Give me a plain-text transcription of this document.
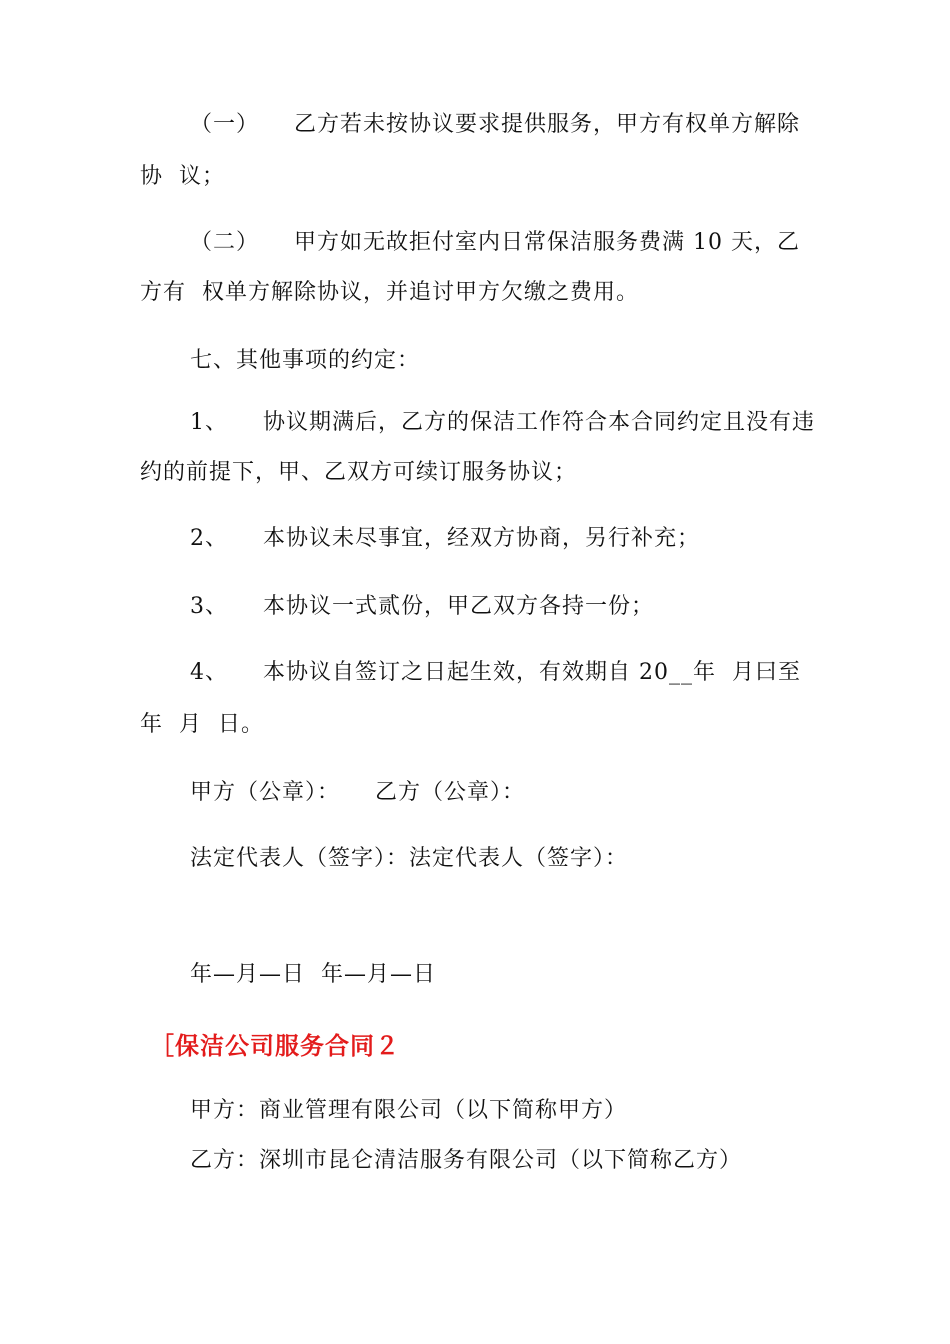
（一）　　乙方若未按协议要求提供服务，甲方有权单方解除
协  议；
（二）　　甲方如无故拒付室内日常保洁服务费满 10 天，乙
方有  权单方解除协议，并追讨甲方欠缴之费用。
七、其他事项的约定：
1、　　协议期满后，乙方的保洁工作符合本合同约定且没有违
约的前提下，甲、乙双方可续订服务协议；
2、　　本协议未尽事宜，经双方协商，另行补充；
3、　　本协议一式贰份，甲乙双方各持一份；
4、　　本协议自签订之日起生效，有效期自 20__年  月曰至
年  月  日。
甲方（公章）：　　乙方（公章）：
法定代表人（签字）：法定代表人（签字）：
年—月—日  年—月—日
［保洁公司服务合同２
甲方：商业管理有限公司（以下简称甲方）
乙方：深圳市昆仑清洁服务有限公司（以下简称乙方）
